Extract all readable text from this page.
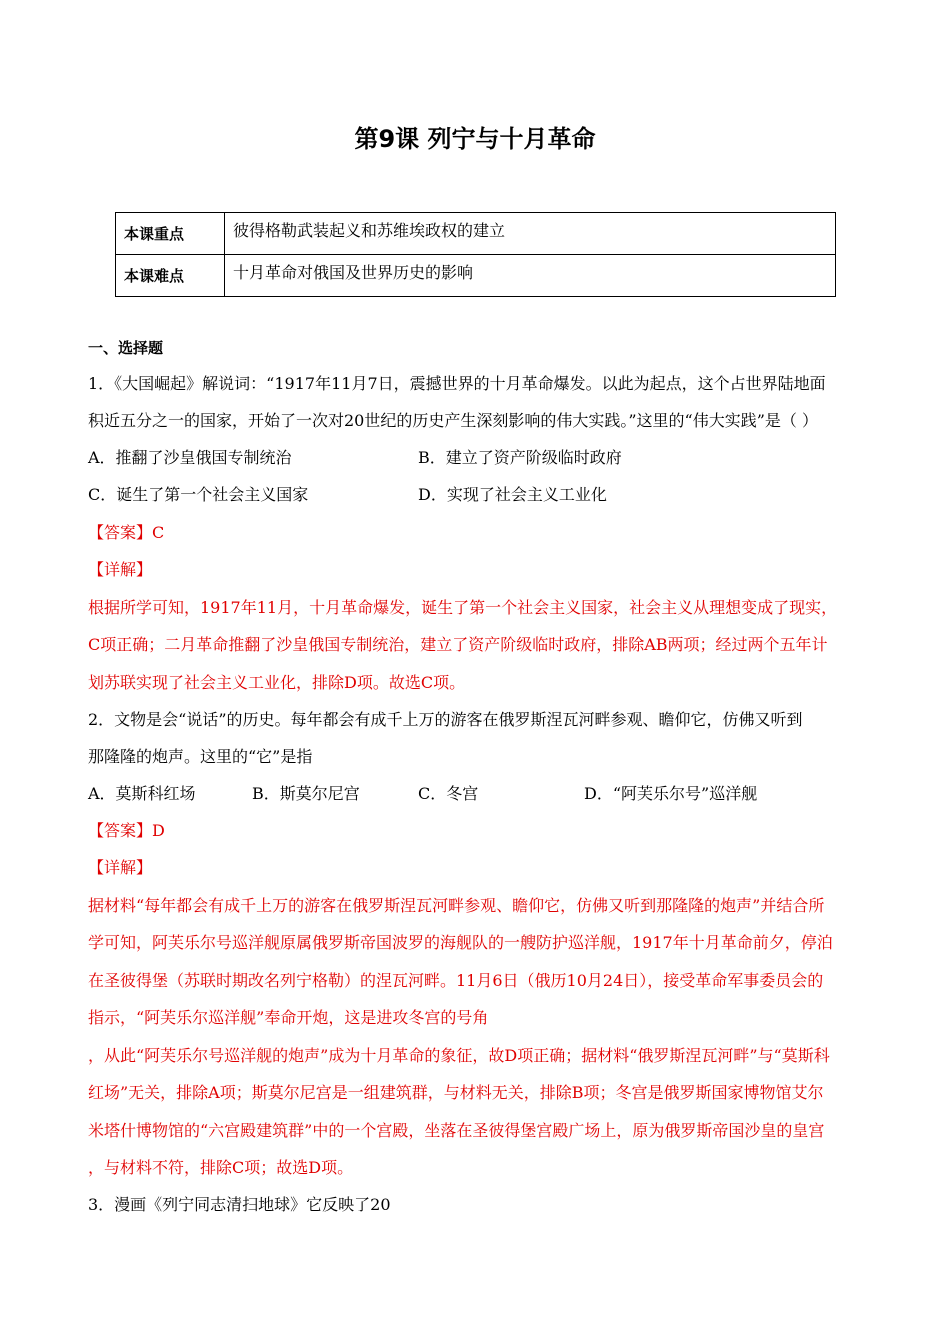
第9课 列宁与十月革命
本课重点	彼得格勒武装起义和苏维埃政权的建立
本课难点	十月革命对俄国及世界历史的影响
一、选择题
1．《大国崛起》解说词：“1917年11月7日，震撼世界的十月革命爆发。以此为起点，这个占世界陆地面
积近五分之一的国家，开始了一次对20世纪的历史产生深刻影响的伟大实践。”这里的“伟大实践”是（ ）
A．推翻了沙皇俄国专制统治	B．建立了资产阶级临时政府
C．诞生了第一个社会主义国家	D．实现了社会主义工业化
【答案】C
【详解】
根据所学可知，1917年11月，十月革命爆发，诞生了第一个社会主义国家，社会主义从理想变成了现实，
C项正确；二月革命推翻了沙皇俄国专制统治，建立了资产阶级临时政府，排除AB两项；经过两个五年计
划苏联实现了社会主义工业化，排除D项。故选C项。
2．文物是会“说话”的历史。每年都会有成千上万的游客在俄罗斯涅瓦河畔参观、瞻仰它，仿佛又听到
那隆隆的炮声。这里的“它”是指
A．莫斯科红场	B．斯莫尔尼宫	C．冬宫	D．“阿芙乐尔号”巡洋舰
【答案】D
【详解】
据材料“每年都会有成千上万的游客在俄罗斯涅瓦河畔参观、瞻仰它，仿佛又听到那隆隆的炮声”并结合所
学可知，阿芙乐尔号巡洋舰原属俄罗斯帝国波罗的海舰队的一艘防护巡洋舰，1917年十月革命前夕，停泊
在圣彼得堡（苏联时期改名列宁格勒）的涅瓦河畔。11月6日（俄历10月24日），接受革命军事委员会的
指示，“阿芙乐尔巡洋舰”奉命开炮，这是进攻冬宫的号角
，从此“阿芙乐尔号巡洋舰的炮声”成为十月革命的象征，故D项正确；据材料“俄罗斯涅瓦河畔”与“莫斯科
红场”无关，排除A项；斯莫尔尼宫是一组建筑群，与材料无关，排除B项；冬宫是俄罗斯国家博物馆艾尔
米塔什博物馆的“六宫殿建筑群”中的一个宫殿，坐落在圣彼得堡宫殿广场上，原为俄罗斯帝国沙皇的皇宫
，与材料不符，排除C项；故选D项。
3．漫画《列宁同志清扫地球》它反映了20
